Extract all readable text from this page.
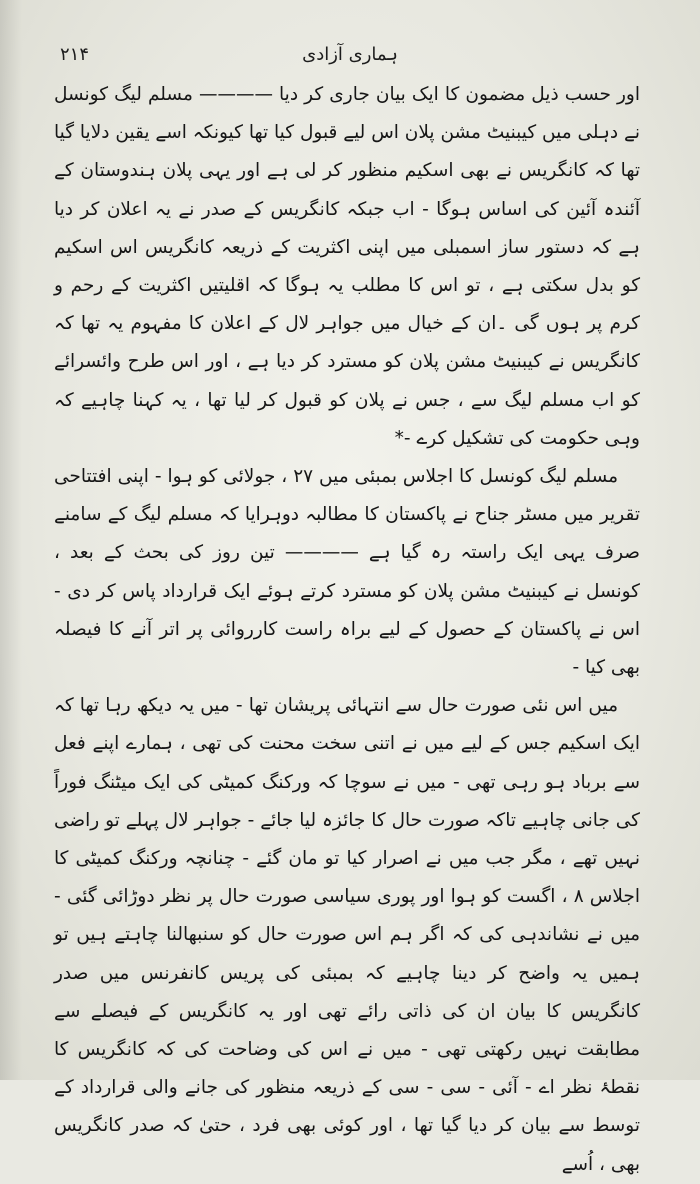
۲۱۴	ہماری آزادی

اور حسب ذیل مضمون کا ایک بیان جاری کر دیا ———— مسلم لیگ کونسل نے دہلی میں کیبنیٹ مشن پلان اس لیے قبول کیا تھا کیونکہ اسے یقین دلایا گیا تھا کہ کانگریس نے بھی اسکیم منظور کر لی ہے اور یہی پلان ہندوستان کے آئندہ آئین کی اساس ہوگا - اب جبکہ کانگریس کے صدر نے یہ اعلان کر دیا ہے کہ دستور ساز اسمبلی میں اپنی اکثریت کے ذریعہ کانگریس اس اسکیم کو بدل سکتی ہے ، تو اس کا مطلب یہ ہوگا کہ اقلیتیں اکثریت کے رحم و کرم پر ہوں گی ۔ان کے خیال میں جواہر لال کے اعلان کا مفہوم یہ تھا کہ کانگریس نے کیبنیٹ مشن پلان کو مسترد کر دیا ہے ، اور اس طرح وائسرائے کو اب مسلم لیگ سے ، جس نے پلان کو قبول کر لیا تھا ، یہ کہنا چاہیے کہ وہی حکومت کی تشکیل کرے -*

مسلم لیگ کونسل کا اجلاس بمبئی میں ۲۷ ، جولائی کو ہوا - اپنی افتتاحی تقریر میں مسٹر جناح نے پاکستان کا مطالبہ دوہرایا کہ مسلم لیگ کے سامنے صرف یہی ایک راستہ رہ گیا ہے ———— تین روز کی بحث کے بعد ، کونسل نے کیبنیٹ مشن پلان کو مسترد کرتے ہوئے ایک قرارداد پاس کر دی - اس نے پاکستان کے حصول کے لیے براہ راست کارروائی پر اتر آنے کا فیصلہ بھی کیا -

میں اس نئی صورت حال سے انتہائی پریشان تھا - میں یہ دیکھ رہا تھا کہ ایک اسکیم جس کے لیے میں نے اتنی سخت محنت کی تھی ، ہمارے اپنے فعل سے برباد ہو رہی تھی - میں نے سوچا کہ ورکنگ کمیٹی کی ایک میٹنگ فوراً کی جانی چاہیے تاکہ صورت حال کا جائزہ لیا جائے - جواہر لال پہلے تو راضی نہیں تھے ، مگر جب میں نے اصرار کیا تو مان گئے - چنانچہ ورکنگ کمیٹی کا اجلاس ۸ ، اگست کو ہوا اور پوری سیاسی صورت حال پر نظر دوڑائی گئی - میں نے نشاندہی کی کہ اگر ہم اس صورت حال کو سنبھالنا چاہتے ہیں تو ہمیں یہ واضح کر دینا چاہیے کہ بمبئی کی پریس کانفرنس میں صدر کانگریس کا بیان ان کی ذاتی رائے تھی اور یہ کانگریس کے فیصلے سے مطابقت نہیں رکھتی تھی - میں نے اس کی وضاحت کی کہ کانگریس کا نقطۂ نظر اے - آئی - سی - سی کے ذریعہ منظور کی جانے والی قرارداد کے توسط سے بیان کر دیا گیا تھا ، اور کوئی بھی فرد ، حتیٰ کہ صدر کانگریس بھی ، اُسے
